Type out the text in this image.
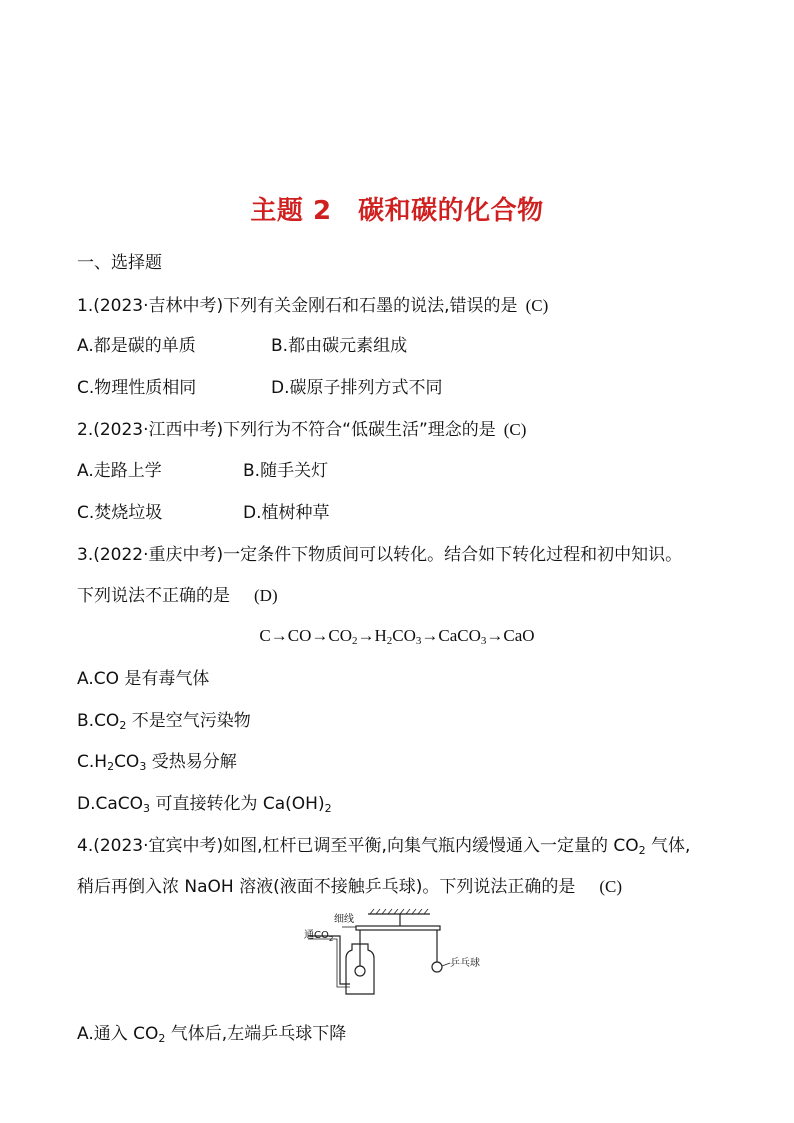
主题 2　碳和碳的化合物
一、选择题
1.(2023·吉林中考)下列有关金刚石和石墨的说法,错误的是 (C)
A.都是碳的单质	B.都由碳元素组成
C.物理性质相同	D.碳原子排列方式不同
2.(2023·江西中考)下列行为不符合“低碳生活”理念的是 (C)
A.走路上学	B.随手关灯
C.焚烧垃圾	D.植树种草
3.(2022·重庆中考)一定条件下物质间可以转化。结合如下转化过程和初中知识。
下列说法不正确的是 (D)
$C\to CO\to CO_2\to H_2CO_3\to CaCO_3\to CaO$
A.CO 是有毒气体
$B.CO_2$ 不是空气污染物
$C.H_2CO_3$ 受热易分解
D.CaCO$_3$ 可直接转化为 $Ca(OH)_2$
4.(2023·宜宾中考)如图,杠杆已调至平衡,向集气瓶内缓慢通入一定量的 $CO_2$ 气体,
稍后再倒入浓 NaOH 溶液(液面不接触乒乓球)。下列说法正确的是 (C)
通$CO_2$
细线
乒乓球
A.通入 $CO_2$ 气体后,左端乒乓球下降
